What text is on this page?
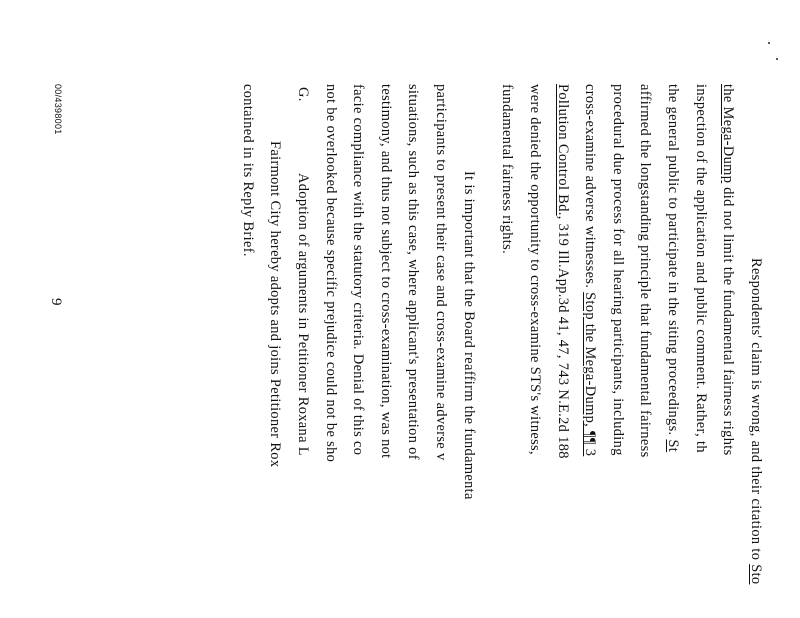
Respondents' claim is wrong, and their citation to Sto
the Mega-Dump did not limit the fundamental fairness rights
inspection of the application and public comment. Rather, th
the general public to participate in the siting proceedings. St
affirmed the longstanding principle that fundamental fairness
procedural due process for all hearing participants, including
cross-examine adverse witnesses. Stop the Mega-Dump, ¶¶ 3
Pollution Control Bd., 319 Ill.App.3d 41, 47, 743 N.E.2d 188
were denied the opportunity to cross-examine STS's witness,
fundamental fairness rights.
It is important that the Board reaffirm the fundamenta
participants to present their case and cross-examine adverse v
situations, such as this case, where applicant's presentation of
testimony, and thus not subject to cross-examination, was not
facie compliance with the statutory criteria. Denial of this co
not be overlooked because specific prejudice could not be sho
G.Adoption of arguments in Petitioner Roxana L
Fairmont City hereby adopts and joins Petitioner Rox
contained in its Reply Brief.
9
00/4398001
